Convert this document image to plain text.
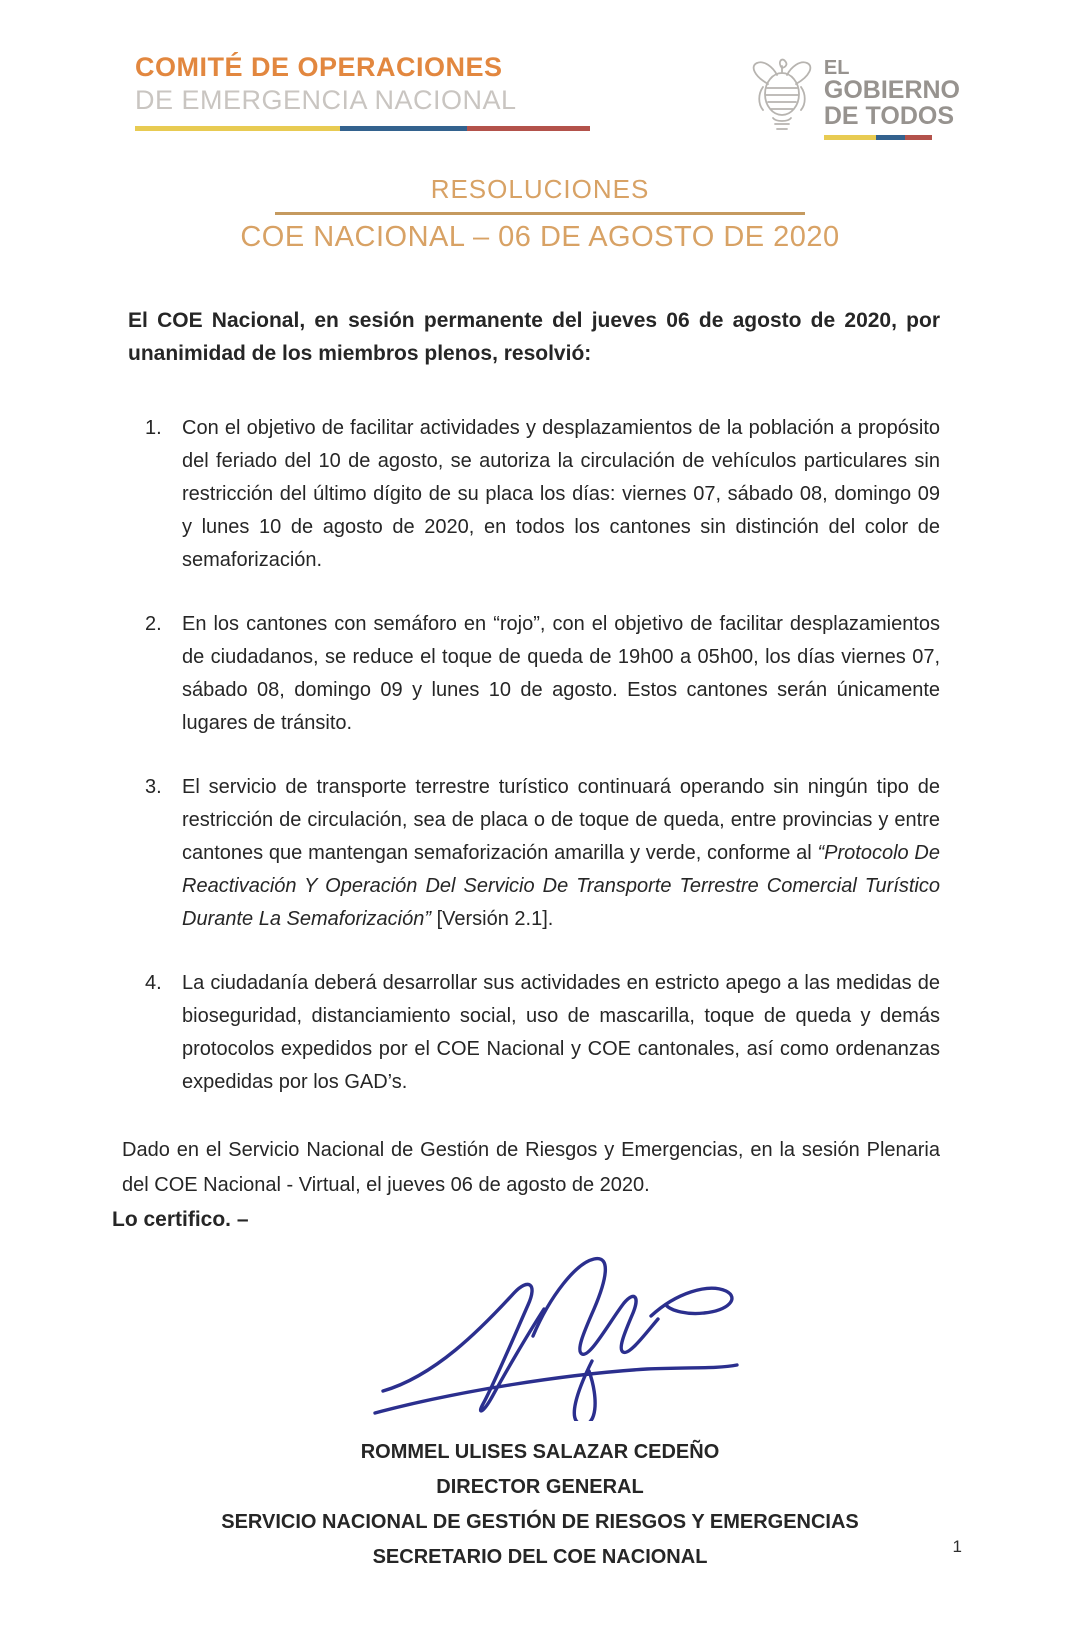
COMITÉ DE OPERACIONES
DE EMERGENCIA NACIONAL
EL
GOBIERNO
DE TODOS
RESOLUCIONES
COE NACIONAL – 06 DE AGOSTO DE 2020

El COE Nacional, en sesión permanente del jueves 06 de agosto de 2020, por unanimidad de los miembros plenos, resolvió:

1.	Con el objetivo de facilitar actividades y desplazamientos de la población a propósito del feriado del 10 de agosto, se autoriza la circulación de vehículos particulares sin restricción del último dígito de su placa los días: viernes 07, sábado 08, domingo 09 y lunes 10 de agosto de 2020, en todos los cantones sin distinción del color de semaforización.
2.	En los cantones con semáforo en “rojo”, con el objetivo de facilitar desplazamientos de ciudadanos, se reduce el toque de queda de 19h00 a 05h00, los días viernes 07, sábado 08, domingo 09 y lunes 10 de agosto. Estos cantones serán únicamente lugares de tránsito.
3.	El servicio de transporte terrestre turístico continuará operando sin ningún tipo de restricción de circulación, sea de placa o de toque de queda, entre provincias y entre cantones que mantengan semaforización amarilla y verde, conforme al “Protocolo De Reactivación Y Operación Del Servicio De Transporte Terrestre Comercial Turístico Durante La Semaforización” [Versión 2.1].
4.	La ciudadanía deberá desarrollar sus actividades en estricto apego a las medidas de bioseguridad, distanciamiento social, uso de mascarilla, toque de queda y demás protocolos expedidos por el COE Nacional y COE cantonales, así como ordenanzas expedidas por los GAD’s.

Dado en el Servicio Nacional de Gestión de Riesgos y Emergencias, en la sesión Plenaria del COE Nacional - Virtual, el jueves 06 de agosto de 2020.

Lo certifico. –

ROMMEL ULISES SALAZAR CEDEÑO
DIRECTOR GENERAL
SERVICIO NACIONAL DE GESTIÓN DE RIESGOS Y EMERGENCIAS
SECRETARIO DEL COE NACIONAL	1
